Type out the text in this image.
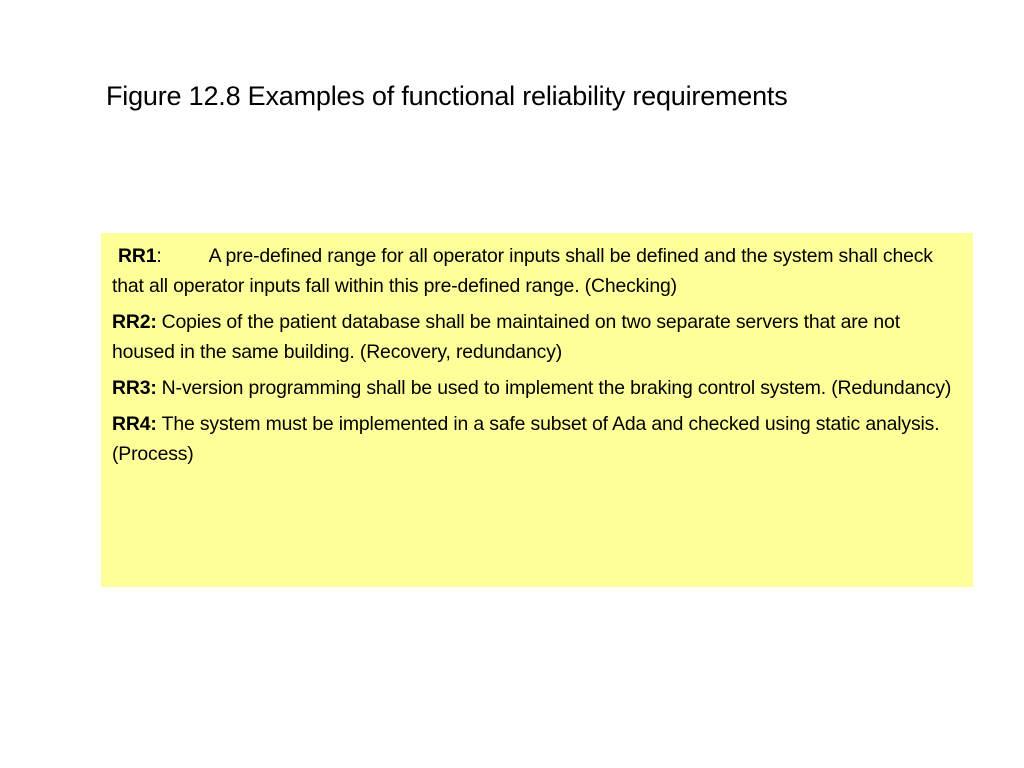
Figure 12.8 Examples of functional reliability requirements

RR1: A pre-defined range for all operator inputs shall be defined and the system shall check that all operator inputs fall within this pre-defined range. (Checking)

RR2: Copies of the patient database shall be maintained on two separate servers that are not housed in the same building. (Recovery, redundancy)

RR3: N-version programming shall be used to implement the braking control system. (Redundancy)

RR4: The system must be implemented in a safe subset of Ada and checked using static analysis. (Process)
